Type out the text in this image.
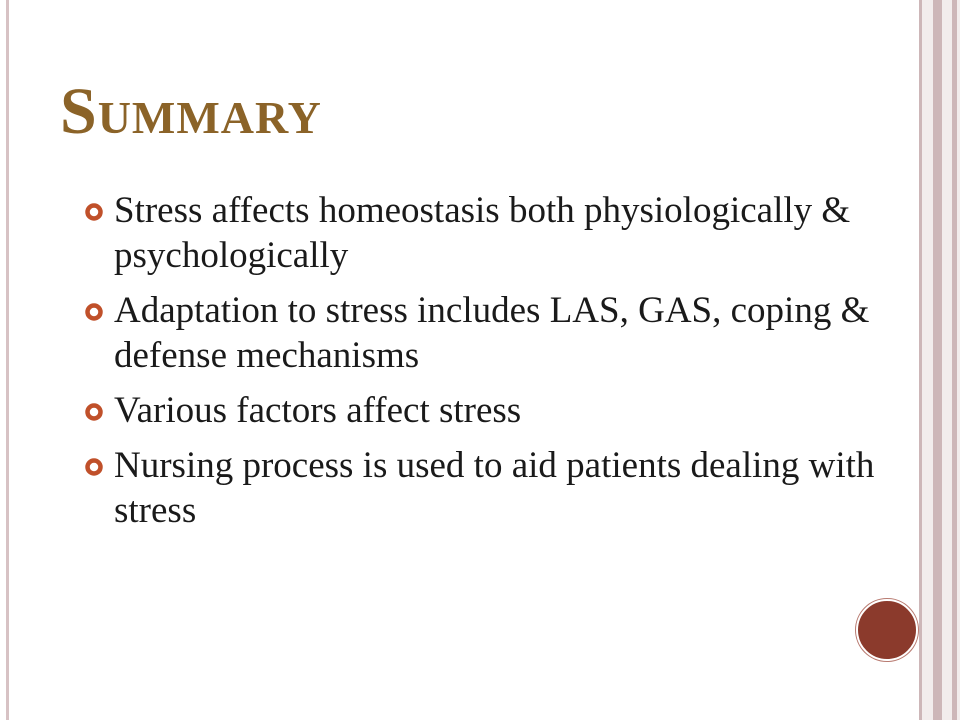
Summary
Stress affects homeostasis both physiologically & psychologically
Adaptation to stress includes LAS, GAS, coping & defense mechanisms
Various factors affect stress
Nursing process is used to aid patients dealing with stress
